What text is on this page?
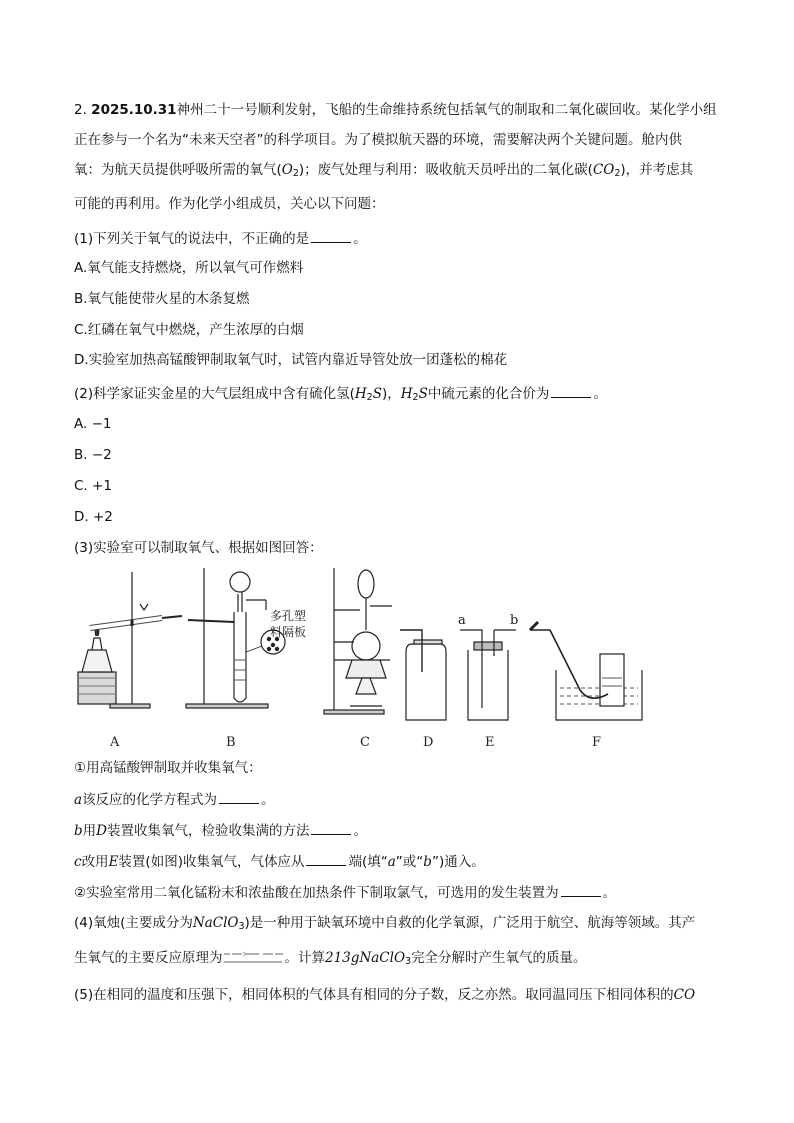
2. 2025.10.31神州二十一号顺利发射，飞船的生命维持系统包括氧气的制取和二氧化碳回收。某化学小组
正在参与一个名为“未来天空者”的科学项目。为了模拟航天器的环境，需要解决两个关键问题。舱内供
氧：为航天员提供呼吸所需的氧气$(O_2)$；废气处理与利用：吸收航天员呼出的二氧化碳$(CO_2)$，并考虑其
可能的再利用。作为化学小组成员，关心以下问题：
(1)下列关于氧气的说法中，不正确的是	。
A.氧气能支持燃烧，所以氧气可作燃料
B.氧气能使带火星的木条复燃
C.红磷在氧气中燃烧，产生浓厚的白烟
D.实验室加热高锰酸钾制取氧气时，试管内靠近导管处放一团蓬松的棉花
(2)科学家证实金星的大气层组成中含有硫化氢$(H_2S)$，$H_2S$中硫元素的化合价为	。
A. −1
B. −2
C. +1
D. +2
(3)实验室可以制取氧气、根据如图回答：
A	B	C	D	E	F
多孔塑
料隔板
a	b
①用高锰酸钾制取并收集氧气：
a该反应的化学方程式为	。
b用D装置收集氧气，检验收集满的方法	。
c改用E装置(如图)收集氧气，气体应从	端(填“a”或“b”)通入。
②实验室常用二氧化锰粉末和浓盐酸在加热条件下制取氯气，可选用的发生装置为	。
(4)氧烛(主要成分为NaClO$_3$)是一种用于缺氧环境中自救的化学氧源，广泛用于航空、航海等领域。其产
生氧气的主要反应原理为	。计算213gNaClO$_3$完全分解时产生氧气的质量。
(5)在相同的温度和压强下，相同体积的气体具有相同的分子数，反之亦然。取同温同压下相同体积的CO
